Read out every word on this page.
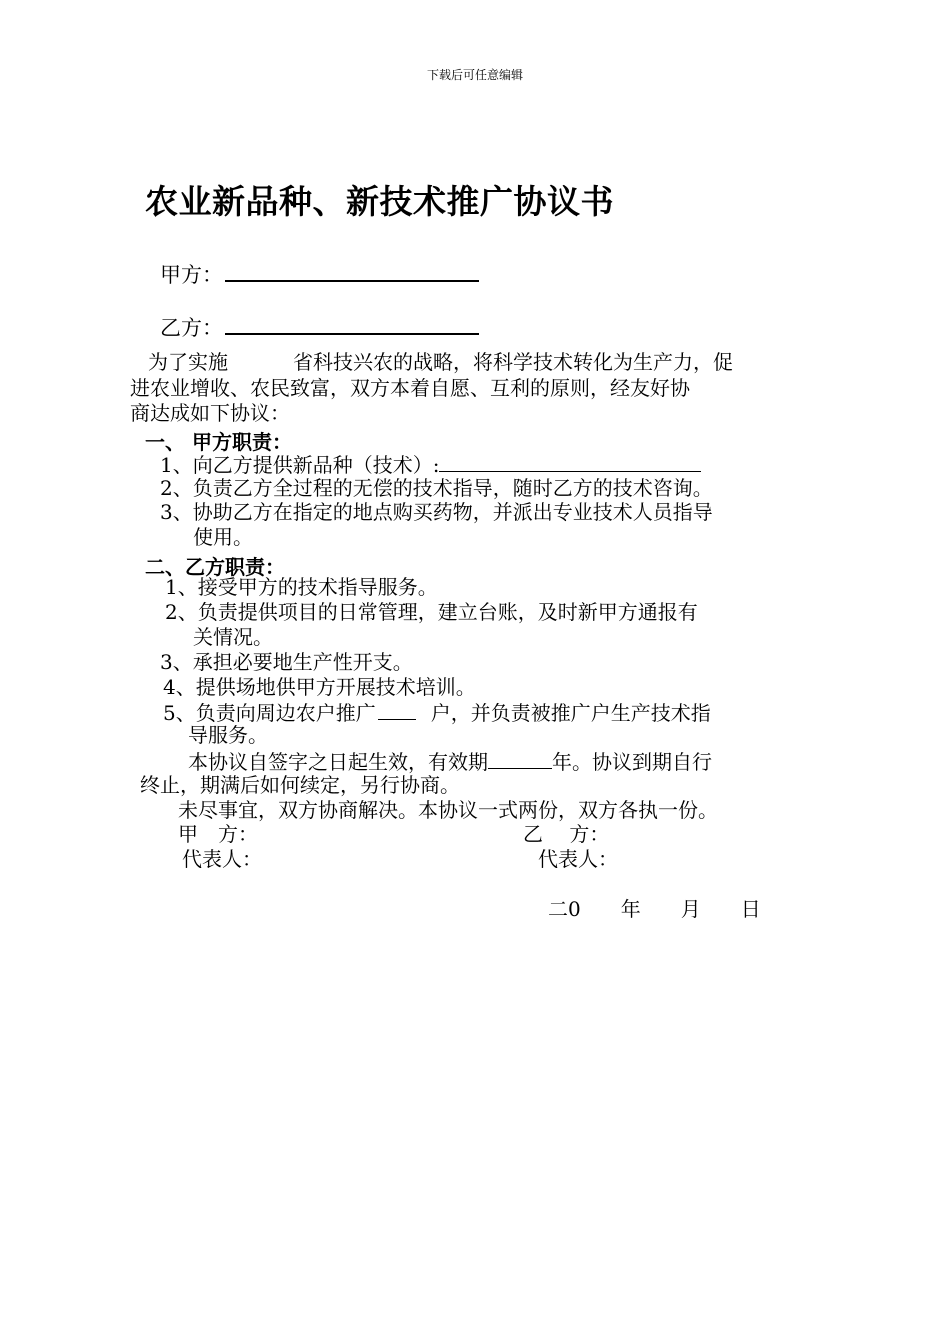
下载后可任意编辑
农业新品种、新技术推广协议书
甲方：
乙方：
为了实施	省科技兴农的战略，将科学技术转化为生产力，促
进农业增收、农民致富，双方本着自愿、互利的原则，经友好协
商达成如下协议：
一、 甲方职责：
1、向乙方提供新品种（技术）:
2、负责乙方全过程的无偿的技术指导，随时乙方的技术咨询。
3、协助乙方在指定的地点购买药物，并派出专业技术人员指导
使用。
二、乙方职责：
1、接受甲方的技术指导服务。
2、负责提供项目的日常管理，建立台账，及时新甲方通报有
关情况。
3、承担必要地生产性开支。
4、提供场地供甲方开展技术培训。
5、负责向周边农户推广	户，并负责被推广户生产技术指
导服务。
本协议自签字之日起生效，有效期	年。协议到期自行
终止，期满后如何续定，另行协商。
未尽事宜，双方协商解决。本协议一式两份，双方各执一份。
甲　方：	乙　 方：
代表人：	代表人：
二0　　年　　月　　日
